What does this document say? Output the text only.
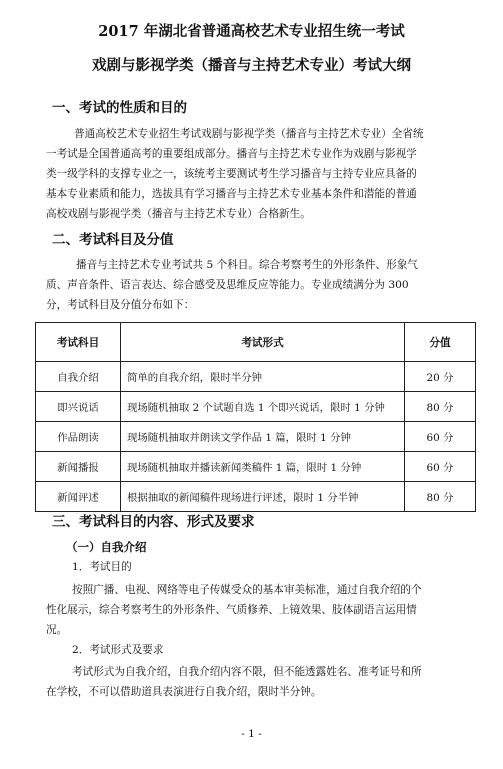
2017 年湖北省普通高校艺术专业招生统一考试
戏剧与影视学类（播音与主持艺术专业）考试大纲
一、考试的性质和目的

普通高校艺术专业招生考试戏剧与影视学类（播音与主持艺术专业）全省统

一考试是全国普通高考的重要组成部分。播音与主持艺术专业作为戏剧与影视学

类一级学科的支撑专业之一，该统考主要测试考生学习播音与主持专业应具备的

基本专业素质和能力，选拔具有学习播音与主持艺术专业基本条件和潜能的普通

高校戏剧与影视学类（播音与主持艺术专业）合格新生。

二、考试科目及分值

播音与主持艺术专业考试共 5 个科目。综合考察考生的外形条件、形象气

质、声音条件、语言表达、综合感受及思维反应等能力。专业成绩满分为 300

分，考试科目及分值分布如下：

考试科目	考试形式	分值
自我介绍	简单的自我介绍，限时半分钟	20 分
即兴说话	现场随机抽取 2 个试题自选 1 个即兴说话，限时 1 分钟	80 分
作品朗读	现场随机抽取并朗读文学作品 1 篇，限时 1 分钟	60 分
新闻播报	现场随机抽取并播读新闻类稿件 1 篇，限时 1 分钟	60 分
新闻评述	根据抽取的新闻稿件现场进行评述，限时 1 分半钟	80 分
三、考试科目的内容、形式及要求
（一）自我介绍
1．考试目的

按照广播、电视、网络等电子传媒受众的基本审美标准，通过自我介绍的个

性化展示，综合考察考生的外形条件、气质修养、上镜效果、肢体副语言运用情

况。

2．考试形式及要求

考试形式为自我介绍，自我介绍内容不限，但不能透露姓名、准考证号和所

在学校，不可以借助道具表演进行自我介绍，限时半分钟。

- 1 -
